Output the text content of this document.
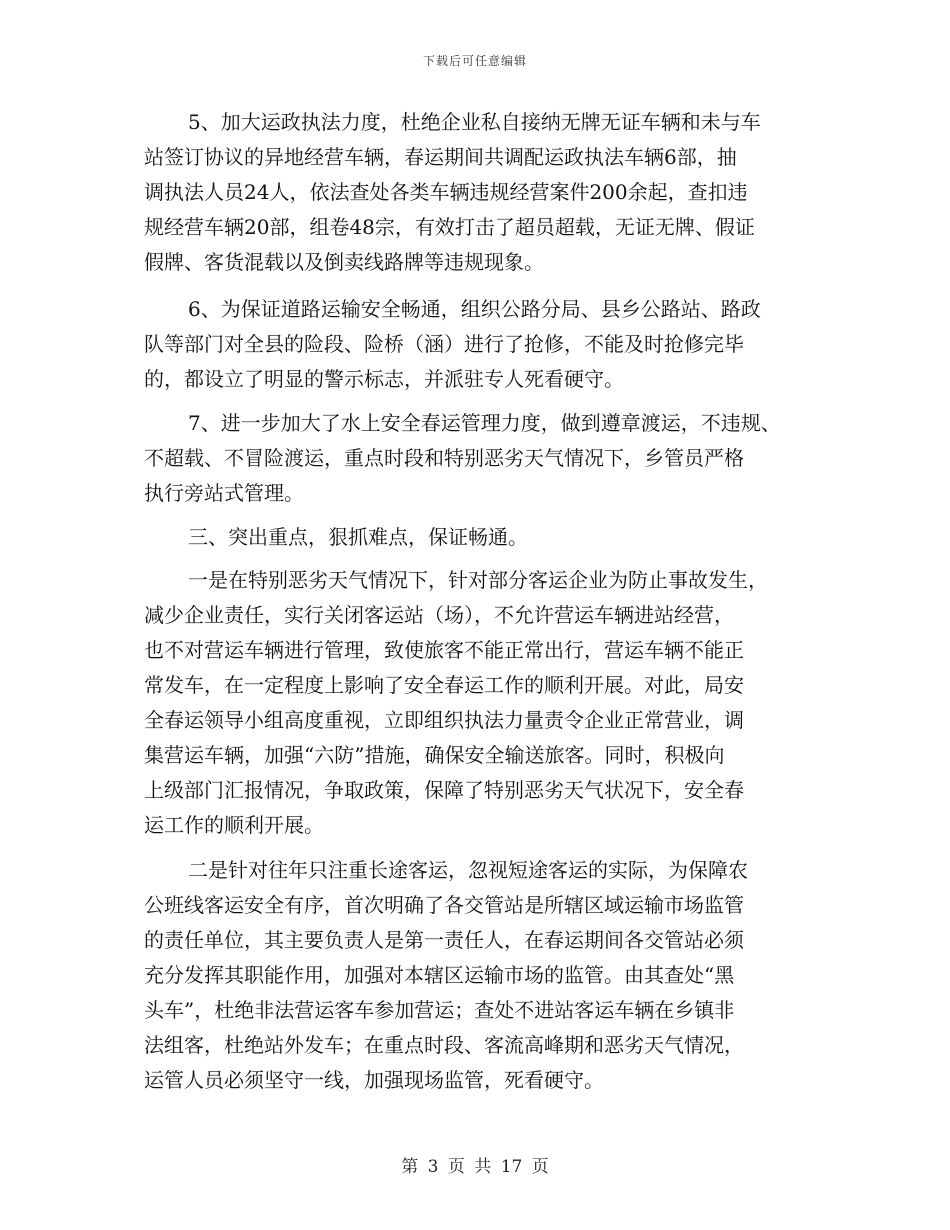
下载后可任意编辑
5、加大运政执法力度，杜绝企业私自接纳无牌无证车辆和未与车
站签订协议的异地经营车辆，春运期间共调配运政执法车辆6部，抽
调执法人员24人，依法查处各类车辆违规经营案件200余起，查扣违
规经营车辆20部，组卷48宗，有效打击了超员超载，无证无牌、假证
假牌、客货混载以及倒卖线路牌等违规现象。
6、为保证道路运输安全畅通，组织公路分局、县乡公路站、路政
队等部门对全县的险段、险桥（涵）进行了抢修，不能及时抢修完毕
的，都设立了明显的警示标志，并派驻专人死看硬守。
7、进一步加大了水上安全春运管理力度，做到遵章渡运，不违规、
不超载、不冒险渡运，重点时段和特别恶劣天气情况下，乡管员严格
执行旁站式管理。
三、突出重点，狠抓难点，保证畅通。
一是在特别恶劣天气情况下，针对部分客运企业为防止事故发生，
减少企业责任，实行关闭客运站（场），不允许营运车辆进站经营，
也不对营运车辆进行管理，致使旅客不能正常出行，营运车辆不能正
常发车，在一定程度上影响了安全春运工作的顺利开展。对此，局安
全春运领导小组高度重视，立即组织执法力量责令企业正常营业，调
集营运车辆，加强“六防”措施，确保安全输送旅客。同时，积极向
上级部门汇报情况，争取政策，保障了特别恶劣天气状况下，安全春
运工作的顺利开展。
二是针对往年只注重长途客运，忽视短途客运的实际，为保障农
公班线客运安全有序，首次明确了各交管站是所辖区域运输市场监管
的责任单位，其主要负责人是第一责任人，在春运期间各交管站必须
充分发挥其职能作用，加强对本辖区运输市场的监管。由其查处“黑
头车”，杜绝非法营运客车参加营运；查处不进站客运车辆在乡镇非
法组客，杜绝站外发车；在重点时段、客流高峰期和恶劣天气情况，
运管人员必须坚守一线，加强现场监管，死看硬守。
第 3 页 共 17 页
